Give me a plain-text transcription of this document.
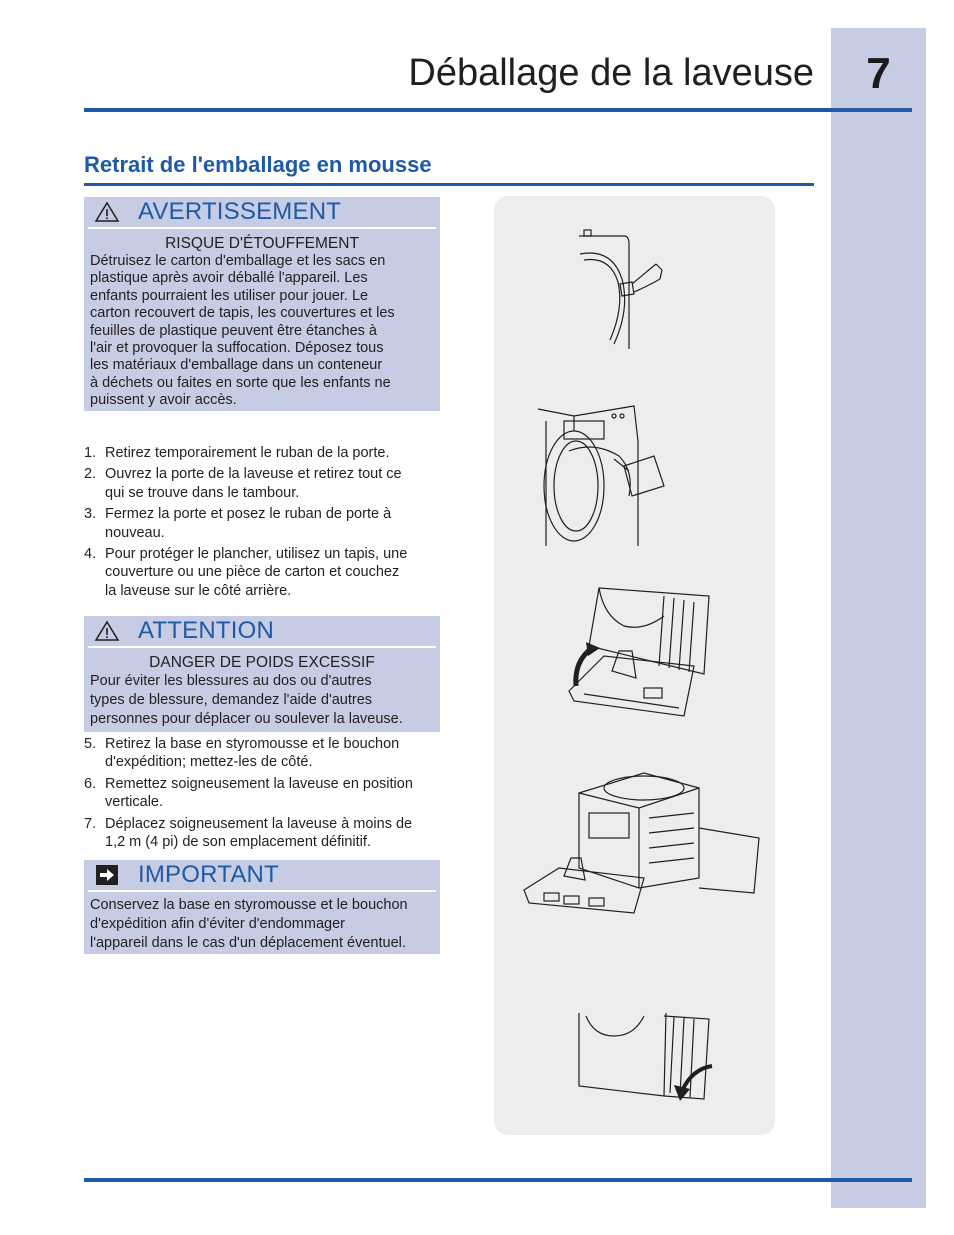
7
Déballage de la laveuse
Retrait de l'emballage en mousse
AVERTISSEMENT
RISQUE D'ÉTOUFFEMENT
Détruisez le carton d'emballage et les sacs en
plastique après avoir déballé l'appareil. Les
enfants pourraient les utiliser pour jouer. Le
carton recouvert de tapis, les couvertures et les
feuilles de plastique peuvent être étanches à
l'air et provoquer la suffocation. Déposez tous
les matériaux d'emballage dans un conteneur
à déchets ou faites en sorte que les enfants ne
puissent y avoir accès.
1. Retirez temporairement le ruban de la porte.
2. Ouvrez la porte de la laveuse et retirez tout ce
qui se trouve dans le tambour.
3. Fermez la porte et posez le ruban de porte à
nouveau.
4. Pour protéger le plancher, utilisez un tapis, une
couverture ou une pièce de carton et couchez
la laveuse sur le côté arrière.
ATTENTION
DANGER DE POIDS EXCESSIF
Pour éviter les blessures au dos ou d'autres
types de blessure, demandez l'aide d'autres
personnes pour déplacer ou soulever la laveuse.
5. Retirez la base en styromousse et le bouchon
d'expédition; mettez-les de côté.
6. Remettez soigneusement la laveuse en position
verticale.
7. Déplacez soigneusement la laveuse à moins de
1,2 m (4 pi) de son emplacement définitif.
IMPORTANT
Conservez la base en styromousse et le bouchon
d'expédition afin d'éviter d'endommager
l'appareil dans le cas d'un déplacement éventuel.
